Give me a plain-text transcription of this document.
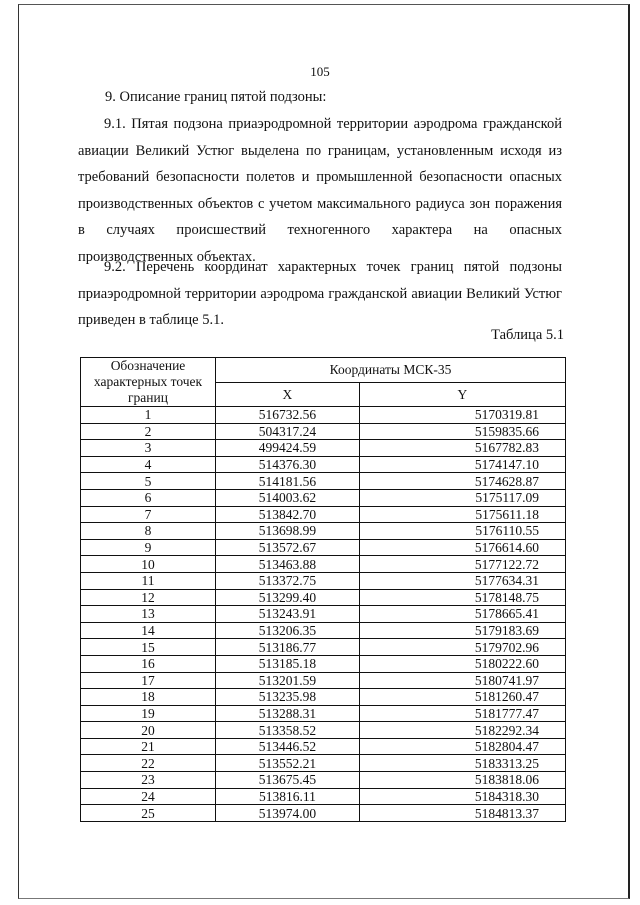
105
9. Описание границ пятой подзоны:

9.1. Пятая подзона приаэродромной территории аэродрома гражданской авиации Великий Устюг выделена по границам, установленным исходя из требований безопасности полетов и промышленной безопасности опасных производственных объектов с учетом максимального радиуса зон поражения в случаях происшествий техногенного характера на опасных производственных объектах.

9.2. Перечень координат характерных точек границ пятой подзоны приаэродромной территории аэродрома гражданской авиации Великий Устюг приведен в таблице 5.1.

Таблица 5.1
Обозначение характерных точек границ	Координаты МСК-35	
	X	Y
1	516732.56	5170319.81
2	504317.24	5159835.66
3	499424.59	5167782.83
4	514376.30	5174147.10
5	514181.56	5174628.87
6	514003.62	5175117.09
7	513842.70	5175611.18
8	513698.99	5176110.55
9	513572.67	5176614.60
10	513463.88	5177122.72
11	513372.75	5177634.31
12	513299.40	5178148.75
13	513243.91	5178665.41
14	513206.35	5179183.69
15	513186.77	5179702.96
16	513185.18	5180222.60
17	513201.59	5180741.97
18	513235.98	5181260.47
19	513288.31	5181777.47
20	513358.52	5182292.34
21	513446.52	5182804.47
22	513552.21	5183313.25
23	513675.45	5183818.06
24	513816.11	5184318.30
25	513974.00	5184813.37
